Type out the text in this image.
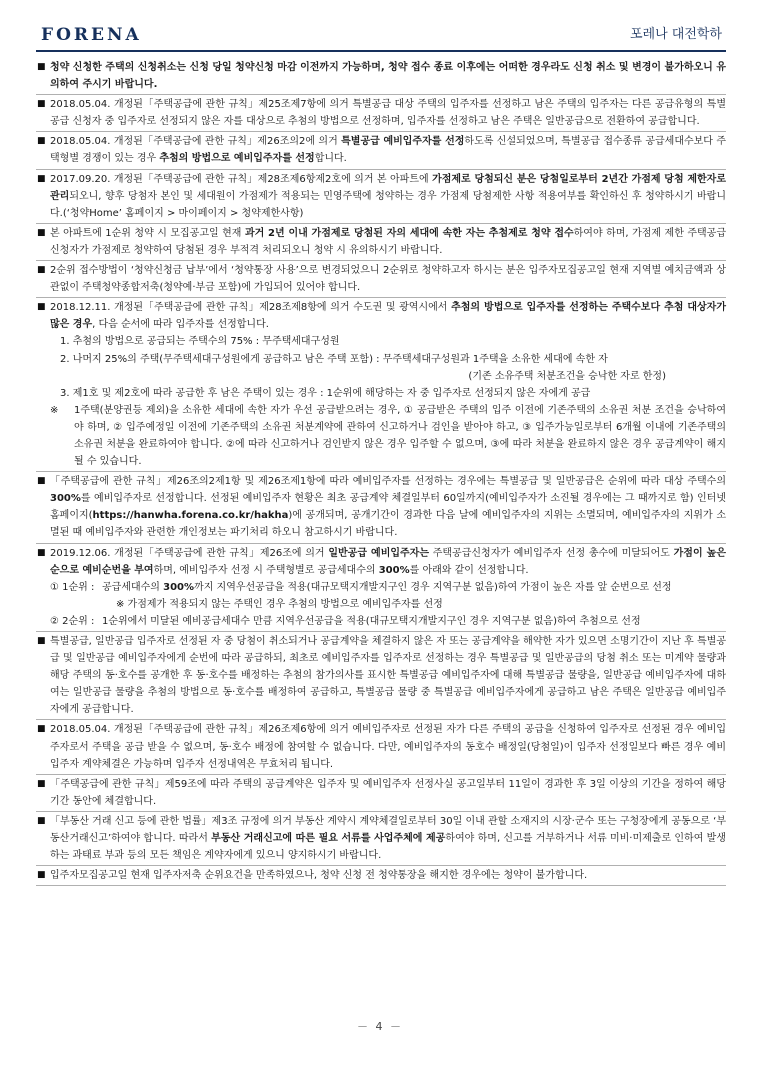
FORENA	포레나 대전학하
■ 청약 신청한 주택의 신청취소는 신청 당일 청약신청 마감 이전까지 가능하며, 청약 접수 종료 이후에는 어떠한 경우라도 신청 취소 및 변경이 불가하오니 유의하여 주시기 바랍니다.
■ 2018.05.04. 개정된「주택공급에 관한 규칙」제25조제7항에 의거 특별공급 대상 주택의 입주자를 선정하고 남은 주택의 입주자는 다른 공급유형의 특별공급 신청자 중 입주자로 선정되지 않은 자를 대상으로 추첨의 방법으로 선정하며, 입주자를 선정하고 남은 주택은 일반공급으로 전환하여 공급합니다.
■ 2018.05.04. 개정된「주택공급에 관한 규칙」제26조의2에 의거 특별공급 예비입주자를 선정하도록 신설되었으며, 특별공급 접수종류 공급세대수보다 주택형별 경쟁이 있는 경우 추첨의 방법으로 예비입주자를 선정합니다.
■ 2017.09.20. 개정된「주택공급에 관한 규칙」제28조제6항제2호에 의거 본 아파트에 가점제로 당첨되신 분은 당첨일로부터 2년간 가점제 당첨 제한자로 관리되오니, 향후 당첨자 본인 및 세대원이 가점제가 적용되는 민영주택에 청약하는 경우 가점제 당첨제한 사항 적용여부를 확인하신 후 청약하시기 바랍니다.(‘청약Home’ 홈페이지 > 마이페이지 > 청약제한사항)
■ 본 아파트에 1순위 청약 시 모집공고일 현재 과거 2년 이내 가점제로 당첨된 자의 세대에 속한 자는 추첨제로 청약 접수하여야 하며, 가점제 제한 주택공급신청자가 가점제로 청약하여 당첨된 경우 부적격 처리되오니 청약 시 유의하시기 바랍니다.
■ 2순위 접수방법이 ‘청약신청금 납부’에서 ‘청약통장 사용’으로 변경되었으니 2순위로 청약하고자 하시는 분은 입주자모집공고일 현재 지역별 예치금액과 상관없이 주택청약종합저축(청약예·부금 포함)에 가입되어 있어야 합니다.
■ 2018.12.11. 개정된「주택공급에 관한 규칙」제28조제8항에 의거 수도권 및 광역시에서 추첨의 방법으로 입주자를 선정하는 주택수보다 추첨 대상자가 많은 경우, 다음 순서에 따라 입주자를 선정합니다.
1. 추첨의 방법으로 공급되는 주택수의 75% : 무주택세대구성원
2. 나머지 25%의 주택(무주택세대구성원에게 공급하고 남은 주택 포함) : 무주택세대구성원과 1주택을 소유한 세대에 속한 자
(기존 소유주택 처분조건을 승낙한 자로 한정)
3. 제1호 및 제2호에 따라 공급한 후 남은 주택이 있는 경우 : 1순위에 해당하는 자 중 입주자로 선정되지 않은 자에게 공급
※	1주택(분양권등 제외)을 소유한 세대에 속한 자가 우선 공급받으려는 경우, ① 공급받은 주택의 입주 이전에 기존주택의 소유권 처분 조건을 승낙하여야 하며, ② 입주예정일 이전에 기존주택의 소유권 처분계약에 관하여 신고하거나 검인을 받아야 하고, ③ 입주가능일로부터 6개월 이내에 기존주택의 소유권 처분을 완료하여야 합니다. ②에 따라 신고하거나 검인받지 않은 경우 입주할 수 없으며, ③에 따라 처분을 완료하지 않은 경우 공급계약이 해지될 수 있습니다.
■ 「주택공급에 관한 규칙」제26조의2제1항 및 제26조제1항에 따라 예비입주자를 선정하는 경우에는 특별공급 및 일반공급은 순위에 따라 대상 주택수의 300%를 예비입주자로 선정합니다. 선정된 예비입주자 현황은 최초 공급계약 체결일부터 60일까지(예비입주자가 소진될 경우에는 그 때까지로 함) 인터넷 홈페이지(https://hanwha.forena.co.kr/hakha)에 공개되며, 공개기간이 경과한 다음 날에 예비입주자의 지위는 소멸되며, 예비입주자의 지위가 소멸된 때 예비입주자와 관련한 개인정보는 파기처리 하오니 참고하시기 바랍니다.
■ 2019.12.06. 개정된「주택공급에 관한 규칙」제26조에 의거 일반공급 예비입주자는 주택공급신청자가 예비입주자 선정 총수에 미달되어도 가점이 높은 순으로 예비순번을 부여하며, 예비입주자 선정 시 주택형별로 공급세대수의 300%를 아래와 같이 선정합니다.
① 1순위 : 공급세대수의 300%까지 지역우선공급을 적용(대규모택지개발지구인 경우 지역구분 없음)하여 가점이 높은 자를 앞 순번으로 선정
※ 가점제가 적용되지 않는 주택인 경우 추첨의 방법으로 예비입주자를 선정
② 2순위 : 1순위에서 미달된 예비공급세대수 만큼 지역우선공급을 적용(대규모택지개발지구인 경우 지역구분 없음)하여 추첨으로 선정
■ 특별공급, 일반공급 입주자로 선정된 자 중 당첨이 취소되거나 공급계약을 체결하지 않은 자 또는 공급계약을 해약한 자가 있으면 소명기간이 지난 후 특별공급 및 일반공급 예비입주자에게 순번에 따라 공급하되, 최초로 예비입주자를 입주자로 선정하는 경우 특별공급 및 일반공급의 당첨 취소 또는 미계약 물량과 해당 주택의 동·호수를 공개한 후 동·호수를 배정하는 추첨의 참가의사를 표시한 특별공급 예비입주자에 대해 특별공급 물량을, 일반공급 예비입주자에 대하여는 일반공급 물량을 추첨의 방법으로 동·호수를 배정하여 공급하고, 특별공급 물량 중 특별공급 예비입주자에게 공급하고 남은 주택은 일반공급 예비입주자에게 공급합니다.
■ 2018.05.04. 개정된「주택공급에 관한 규칙」제26조제6항에 의거 예비입주자로 선정된 자가 다른 주택의 공급을 신청하여 입주자로 선정된 경우 예비입주자로서 주택을 공급 받을 수 없으며, 동·호수 배정에 참여할 수 없습니다. 다만, 예비입주자의 동호수 배정일(당첨일)이 입주자 선정일보다 빠른 경우 예비입주자 계약체결은 가능하며 입주자 선정내역은 무효처리 됩니다.
■ 「주택공급에 관한 규칙」제59조에 따라 주택의 공급계약은 입주자 및 예비입주자 선정사실 공고일부터 11일이 경과한 후 3일 이상의 기간을 정하여 해당기간 동안에 체결합니다.
■ 「부동산 거래 신고 등에 관한 법률」제3조 규정에 의거 부동산 계약시 계약체결일로부터 30일 이내 관할 소재지의 시장·군수 또는 구청장에게 공동으로 ‘부동산거래신고’하여야 합니다. 따라서 부동산 거래신고에 따른 필요 서류를 사업주체에 제공하여야 하며, 신고를 거부하거나 서류 미비·미제출로 인하여 발생하는 과태료 부과 등의 모든 책임은 계약자에게 있으니 양지하시기 바랍니다.
■ 입주자모집공고일 현재 입주자저축 순위요건을 만족하였으나, 청약 신청 전 청약통장을 해지한 경우에는 청약이 불가합니다.
－ 4 －
